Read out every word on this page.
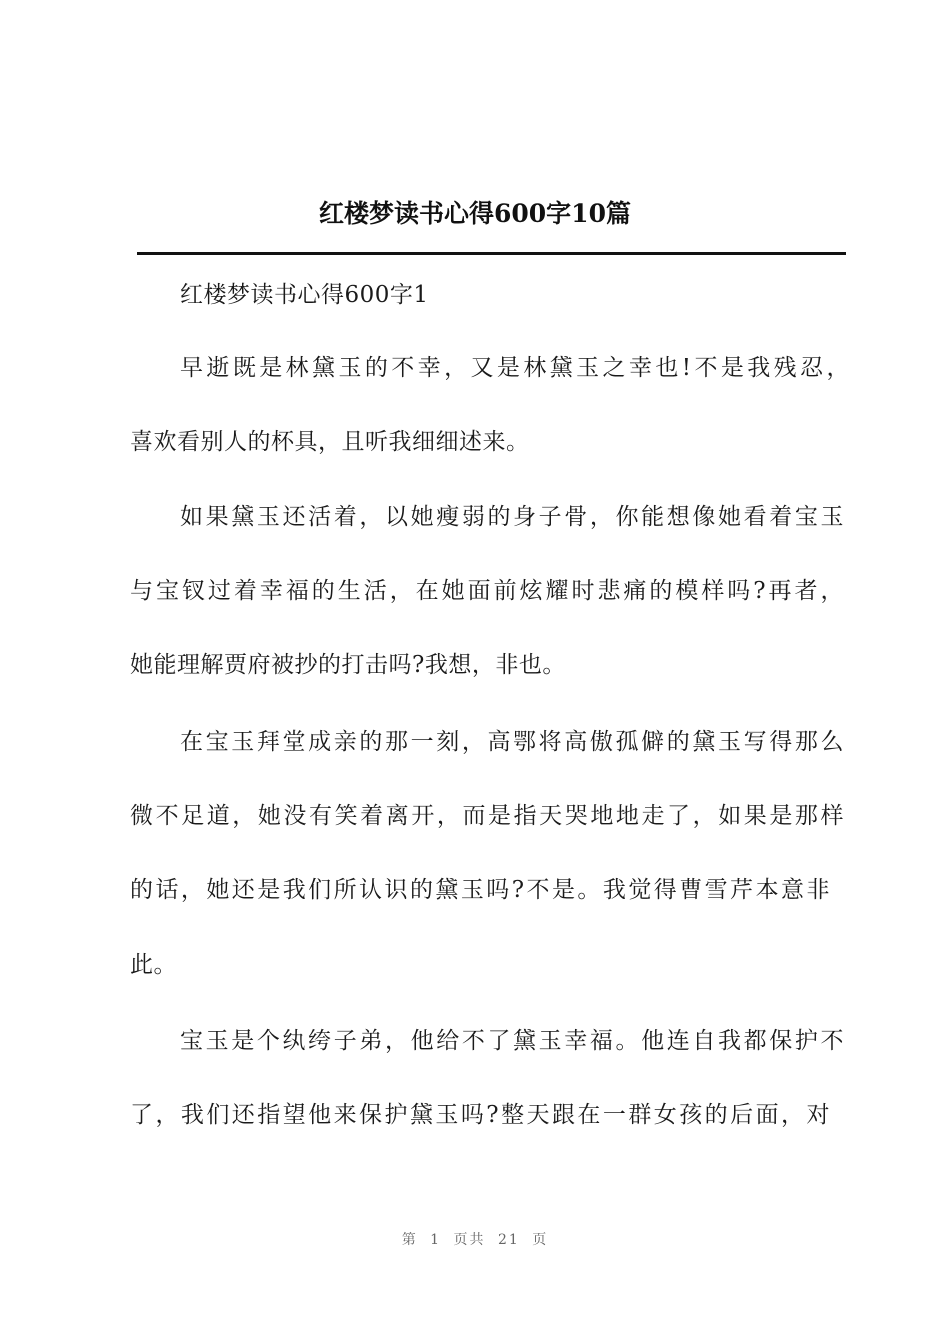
红楼梦读书心得600字10篇
红楼梦读书心得600字1
早逝既是林黛玉的不幸，又是林黛玉之幸也!不是我残忍，
喜欢看别人的杯具，且听我细细述来。
如果黛玉还活着，以她瘦弱的身子骨，你能想像她看着宝玉
与宝钗过着幸福的生活，在她面前炫耀时悲痛的模样吗?再者，
她能理解贾府被抄的打击吗?我想，非也。
在宝玉拜堂成亲的那一刻，高鄂将高傲孤僻的黛玉写得那么
微不足道，她没有笑着离开，而是指天哭地地走了，如果是那样
的话，她还是我们所认识的黛玉吗?不是。我觉得曹雪芹本意非
此。
宝玉是个纨绔子弟，他给不了黛玉幸福。他连自我都保护不
了，我们还指望他来保护黛玉吗?整天跟在一群女孩的后面，对
第 1 页共 21 页
